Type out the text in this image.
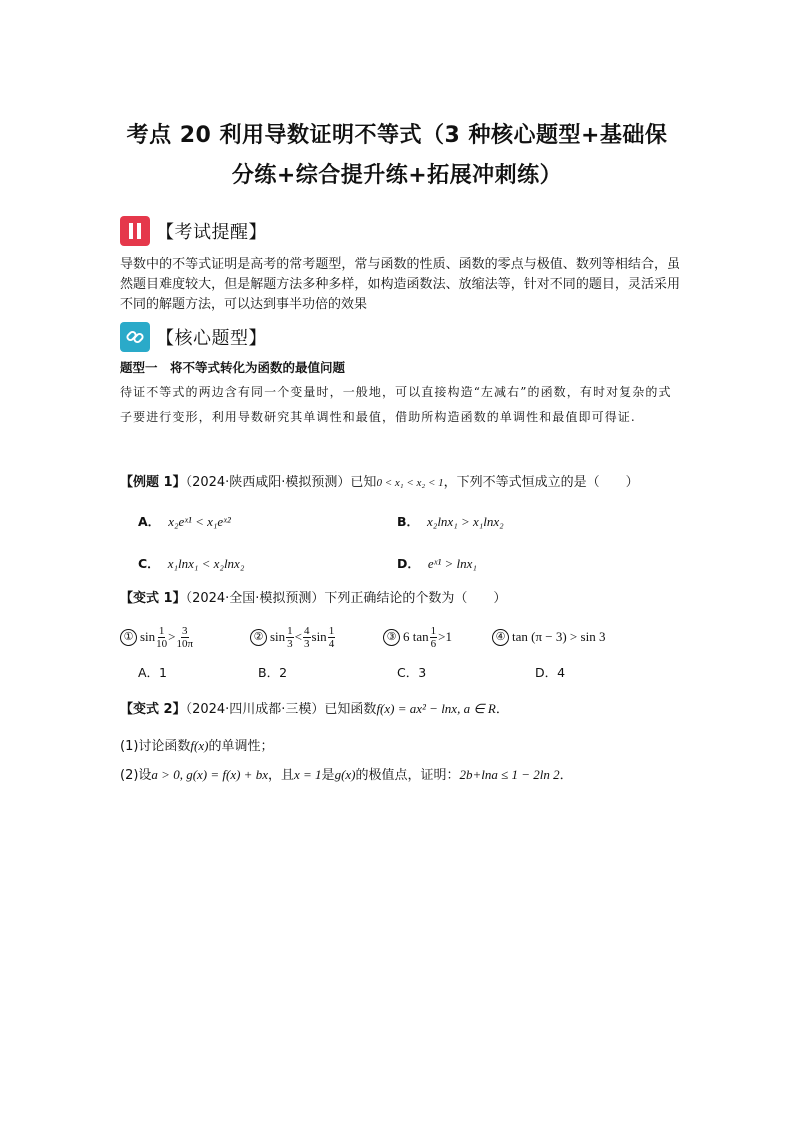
考点 20 利用导数证明不等式（3 种核心题型+基础保
分练+综合提升练+拓展冲刺练）
【考试提醒】
导数中的不等式证明是高考的常考题型，常与函数的性质、函数的零点与极值、数列等相结合，虽然题目难度较大，但是解题方法多种多样，如构造函数法、放缩法等，针对不同的题目，灵活采用不同的解题方法，可以达到事半功倍的效果
【核心题型】
题型一　将不等式转化为函数的最值问题
待证不等式的两边含有同一个变量时，一般地，可以直接构造“左减右”的函数，有时对复杂的式子要进行变形，利用导数研究其单调性和最值，借助所构造函数的单调性和最值即可得证.
【例题 1】（2024·陕西咸阳·模拟预测）已知0 < x₁ < x₂ < 1，下列不等式恒成立的是（　　）
A． x₂eˣ¹ < x₁eˣ²	B． x₂lnx₁ > x₁lnx₂
C． x₁lnx₁ < x₂lnx₂	D． eˣ¹ > lnx₁
【变式 1】（2024·全国·模拟预测）下列正确结论的个数为（　　）
① $\sin \frac{1}{10} > \frac{3}{10\pi}$	② $\sin \frac{1}{3} < \frac{4}{3}$ $\sin \frac{1}{4}$	③ 6 $\tan \frac{1}{6} >1$	④ tan (π − 3) > sin 3
A．1	B．2	C．3	D．4
【变式 2】（2024·四川成都·三模）已知函数f(x) = ax² − lnx, a ∈ R．
(1)讨论函数f(x)的单调性；
(2)设a > 0, g(x) = f(x) + bx，且x = 1是g(x)的极值点，证明：2b+lna ≤ 1 − 2ln 2．
